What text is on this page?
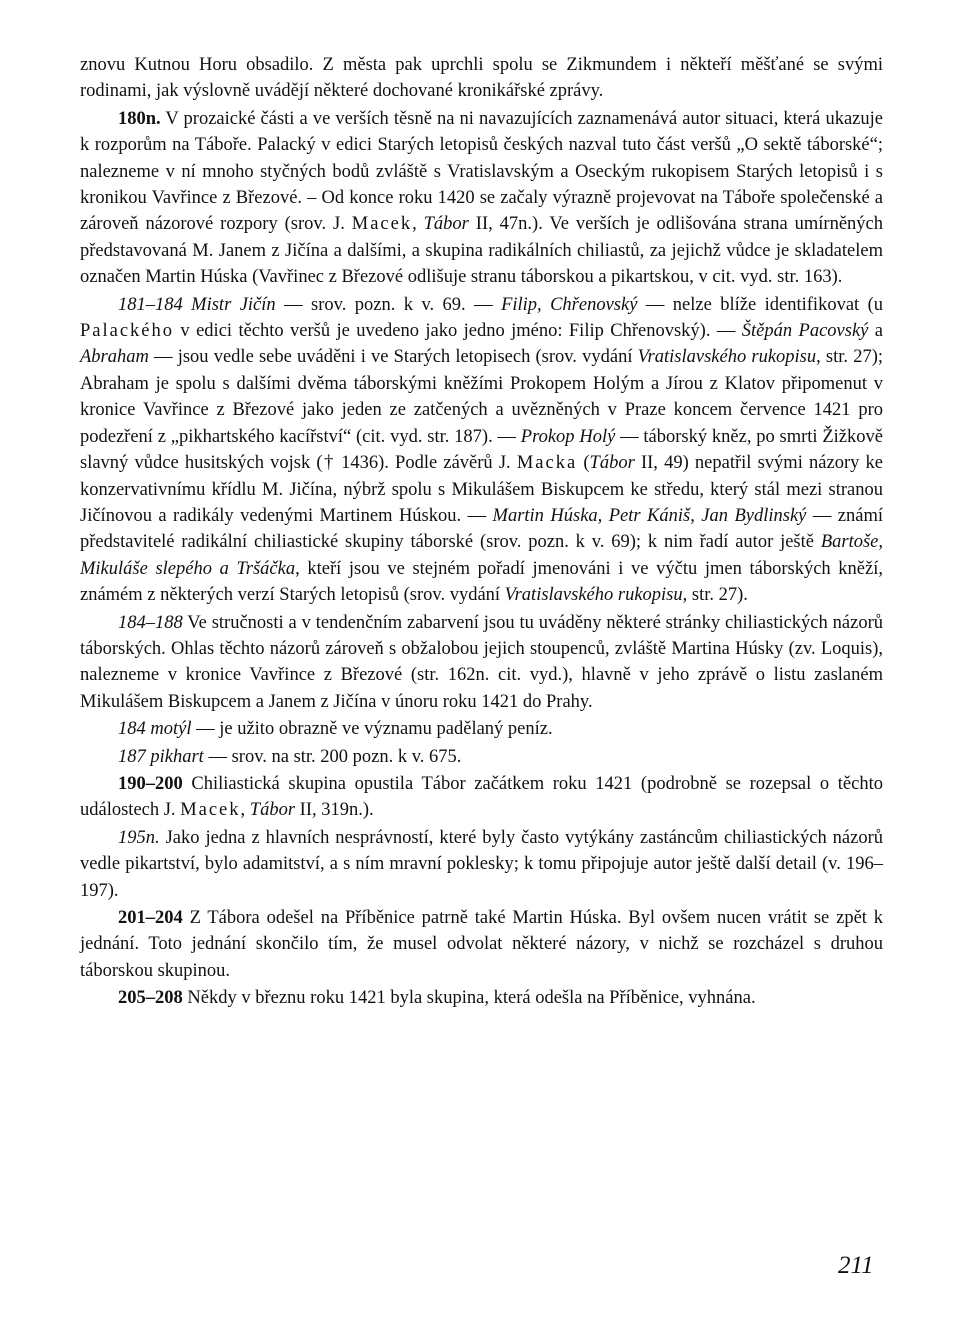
znovu Kutnou Horu obsadilo. Z města pak uprchli spolu se Zikmundem i někteří měšťané se svými rodinami, jak výslovně uvádějí některé dochované kronikářské zprávy.

180n. V prozaické části a ve verších těsně na ni navazujících zaznamenává autor situaci, která ukazuje k rozporům na Táboře. Palacký v edici Starých letopisů českých nazval tuto část veršů „O sektě táborské“; nalezneme v ní mnoho styčných bodů zvláště s Vratislavským a Oseckým rukopisem Starých letopisů i s kronikou Vavřince z Březové. – Od konce roku 1420 se začaly výrazně projevovat na Táboře společenské a zároveň názorové rozpory (srov. J. Macek, Tábor II, 47n.). Ve verších je odlišována strana umírněných představovaná M. Janem z Jičína a dalšími, a skupina radikálních chiliastů, za jejichž vůdce je skladatelem označen Martin Húska (Vavřinec z Březové odlišuje stranu táborskou a pikartskou, v cit. vyd. str. 163).

181–184 Mistr Jičín — srov. pozn. k v. 69. — Filip, Chřenovský — nelze blíže identifikovat (u Palackého v edici těchto veršů je uvedeno jako jedno jméno: Filip Chřenovský). — Štěpán Pacovský a Abraham — jsou vedle sebe uváděni i ve Starých letopisech (srov. vydání Vratislavského rukopisu, str. 27); Abraham je spolu s dalšími dvěma táborskými kněžími Prokopem Holým a Jírou z Klatov připomenut v kronice Vavřince z Březové jako jeden ze zatčených a uvězněných v Praze koncem července 1421 pro podezření z „pikhartského kacířství“ (cit. vyd. str. 187). — Prokop Holý — táborský kněz, po smrti Žižkově slavný vůdce husitských vojsk († 1436). Podle závěrů J. Macka (Tábor II, 49) nepatřil svými názory ke konzervativnímu křídlu M. Jičína, nýbrž spolu s Mikulášem Biskupcem ke středu, který stál mezi stranou Jičínovou a radikály vedenými Martinem Húskou. — Martin Húska, Petr Kániš, Jan Bydlinský — známí představitelé radikální chiliastické skupiny táborské (srov. pozn. k v. 69); k nim řadí autor ještě Bartoše, Mikuláše slepého a Tršáčka, kteří jsou ve stejném pořadí jmenováni i ve výčtu jmen táborských kněží, známém z některých verzí Starých letopisů (srov. vydání Vratislavského rukopisu, str. 27).

184–188 Ve stručnosti a v tendenčním zabarvení jsou tu uváděny některé stránky chiliastických názorů táborských. Ohlas těchto názorů zároveň s obžalobou jejich stoupenců, zvláště Martina Húsky (zv. Loquis), nalezneme v kronice Vavřince z Březové (str. 162n. cit. vyd.), hlavně v jeho zprávě o listu zaslaném Mikulášem Biskupcem a Janem z Jičína v únoru roku 1421 do Prahy.

184 motýl — je užito obrazně ve významu padělaný peníz.

187 pikhart — srov. na str. 200 pozn. k v. 675.

190–200 Chiliastická skupina opustila Tábor začátkem roku 1421 (podrobně se rozepsal o těchto událostech J. Macek, Tábor II, 319n.).

195n. Jako jedna z hlavních nesprávností, které byly často vytýkány zastáncům chiliastických názorů vedle pikartství, bylo adamitství, a s ním mravní poklesky; k tomu připojuje autor ještě další detail (v. 196–197).

201–204 Z Tábora odešel na Příběnice patrně také Martin Húska. Byl ovšem nucen vrátit se zpět k jednání. Toto jednání skončilo tím, že musel odvolat některé názory, v nichž se rozcházel s druhou táborskou skupinou.

205–208 Někdy v březnu roku 1421 byla skupina, která odešla na Příběnice, vyhnána.

211
